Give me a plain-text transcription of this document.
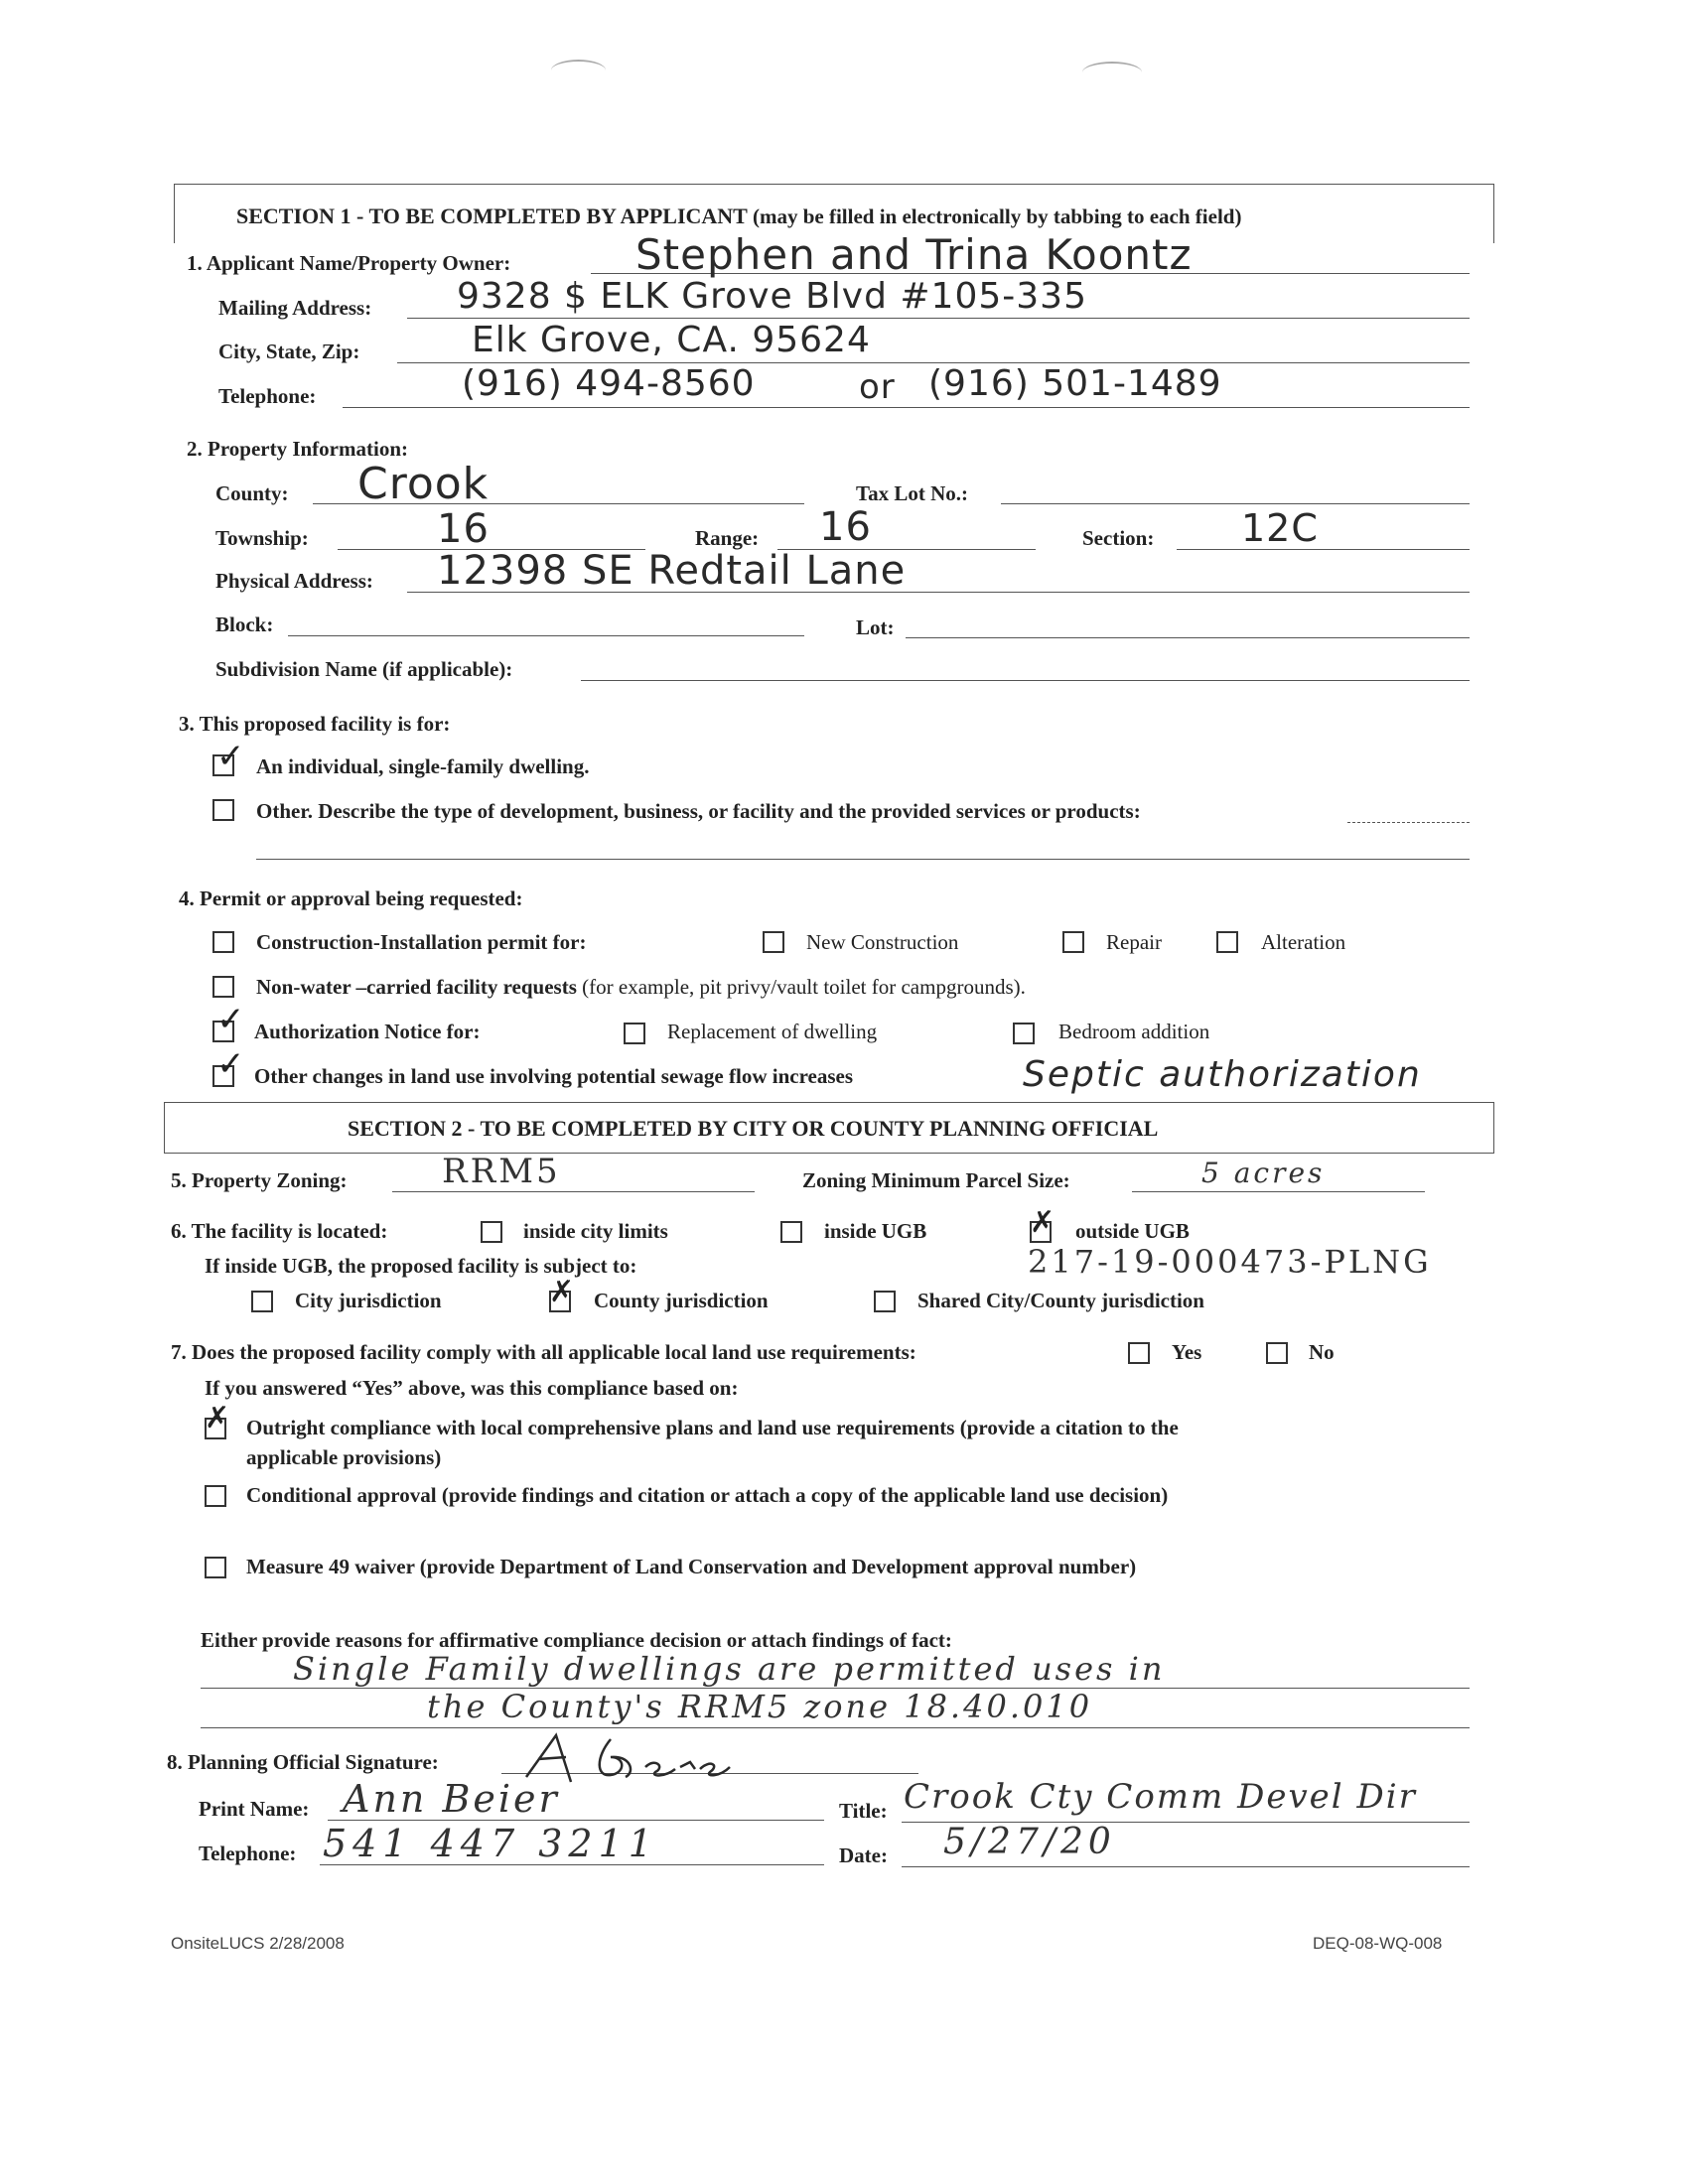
SECTION 1 - TO BE COMPLETED BY APPLICANT (may be filled in electronically by tabbing to each field)
1. Applicant Name/Property Owner:	Stephen and Trina Koontz
Mailing Address: 9328 $ ELK Grove Blvd #105-335
City, State, Zip:	Elk Grove, CA. 95624
Telephone:	(916) 494-8560	or (916) 501-1489
2. Property Information:
County: Crook	Tax Lot No.:
Township:	16	Range: 16	Section: 12C
Physical Address: 12398 SE Redtail Lane
Block:	Lot:
Subdivision Name (if applicable):
3. This proposed facility is for:
✓ An individual, single-family dwelling.
Other. Describe the type of development, business, or facility and the provided services or products:
4. Permit or approval being requested:
Construction-Installation permit for:	New Construction	Repair	Alteration
Non-water –carried facility requests (for example, pit privy/vault toilet for campgrounds).
✓ Authorization Notice for:	Replacement of dwelling	Bedroom addition
✓ Other changes in land use involving potential sewage flow increases	Septic authorization
SECTION 2 - TO BE COMPLETED BY CITY OR COUNTY PLANNING OFFICIAL
5. Property Zoning:	RRM5	Zoning Minimum Parcel Size:	5 acres
6. The facility is located:	inside city limits	inside UGB	✗ outside UGB
If inside UGB, the proposed facility is subject to:	217-19-000473-PLNG
City jurisdiction	✗ County jurisdiction	Shared City/County jurisdiction
7. Does the proposed facility comply with all applicable local land use requirements:	Yes	No
If you answered “Yes” above, was this compliance based on:
✗ Outright compliance with local comprehensive plans and land use requirements (provide a citation to the
applicable provisions)
Conditional approval (provide findings and citation or attach a copy of the applicable land use decision)
Measure 49 waiver (provide Department of Land Conservation and Development approval number)
Either provide reasons for affirmative compliance decision or attach findings of fact:
Single Family dwellings are permitted uses in
the County's RRM5 zone 18.40.010
8. Planning Official Signature:
Print Name: Ann Beier	Title: Crook Cty Comm Devel Dir
Telephone: 541 447 3211	Date: 5/27/20
OnsiteLUCS 2/28/2008	DEQ-08-WQ-008
